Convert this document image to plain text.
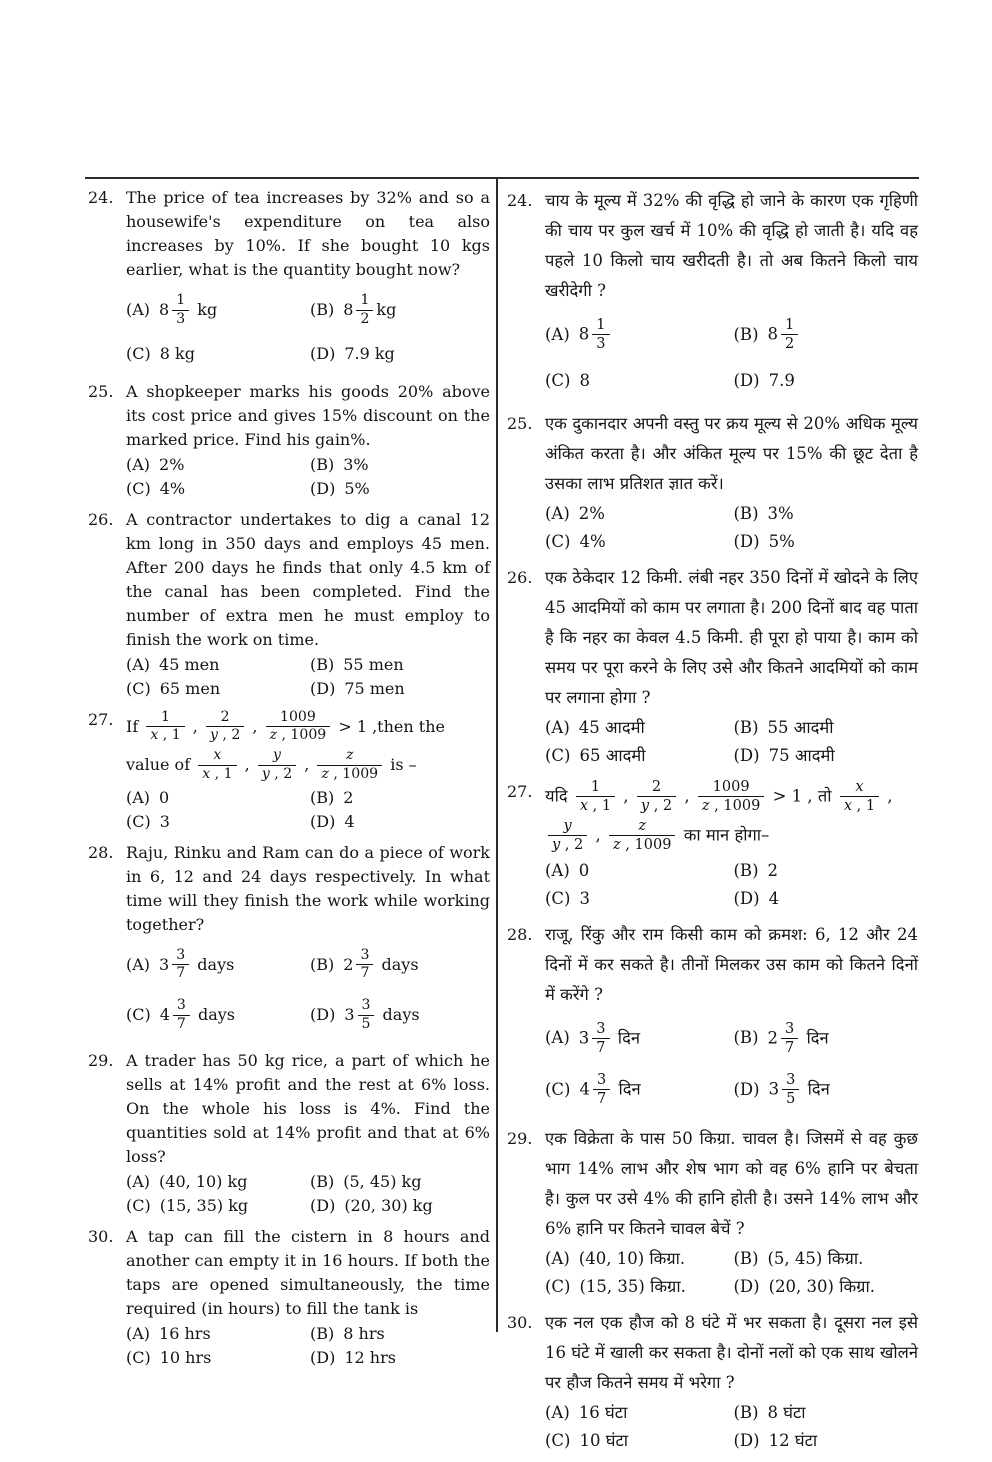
24. The price of tea increases by 32% and so a housewife's expenditure on tea also increases by 10%. If she bought 10 kgs earlier, what is the quantity bought now?
(A) $8 \frac{1}{3}$ kg	(B) $8 \frac{1}{2}$ kg
(C) 8 kg	(D) 7.9 kg
25. A shopkeeper marks his goods 20% above its cost price and gives 15% discount on the marked price. Find his gain%.
(A) 2%	(B) 3%
(C) 4%	(D) 5%
26. A contractor undertakes to dig a canal 12 km long in 350 days and employs 45 men. After 200 days he finds that only 4.5 km of the canal has been completed. Find the number of extra men he must employ to finish the work on time.
(A) 45 men	(B) 55 men
(C) 65 men	(D) 75 men
27. If $\frac{1}{x , 1}$ , $\frac{2}{y , 2}$ , $\frac{1009}{z , 1009} > 1$ ,then the value of $\frac{x}{x , 1}$ , $\frac{y}{y , 2}$ , $\frac{z}{z , 1009}$ is –
(A) 0	(B) 2
(C) 3	(D) 4
28. Raju, Rinku and Ram can do a piece of work in 6, 12 and 24 days respectively. In what time will they finish the work while working together?
(A) $3 \frac{3}{7}$ days	(B) $2 \frac{3}{7}$ days
(C) $4 \frac{3}{7}$ days	(D) $3 \frac{3}{5}$ days
29. A trader has 50 kg rice, a part of which he sells at 14% profit and the rest at 6% loss. On the whole his loss is 4%. Find the quantities sold at 14% profit and that at 6% loss?
(A) (40, 10) kg	(B) (5, 45) kg
(C) (15, 35) kg	(D) (20, 30) kg
30. A tap can fill the cistern in 8 hours and another can empty it in 16 hours. If both the taps are opened simultaneously, the time required (in hours) to fill the tank is
(A) 16 hrs	(B) 8 hrs
(C) 10 hrs	(D) 12 hrs
24. चाय के मूल्य में 32% की वृद्धि हो जाने के कारण एक गृहिणी की चाय पर कुल खर्च में 10% की वृद्धि हो जाती है। यदि वह पहले 10 किलो चाय खरीदती है। तो अब कितने किलो चाय खरीदेगी ?
(A) $8 \frac{1}{3}$	(B) $8 \frac{1}{2}$
(C) 8	(D) 7.9
25. एक दुकानदार अपनी वस्तु पर क्रय मूल्य से 20% अधिक मूल्य अंकित करता है। और अंकित मूल्य पर 15% की छूट देता है उसका लाभ प्रतिशत ज्ञात करें।
(A) 2%	(B) 3%
(C) 4%	(D) 5%
26. एक ठेकेदार 12 किमी. लंबी नहर 350 दिनों में खोदने के लिए 45 आदमियों को काम पर लगाता है। 200 दिनों बाद वह पाता है कि नहर का केवल 4.5 किमी. ही पूरा हो पाया है। काम को समय पर पूरा करने के लिए उसे और कितने आदमियों को काम पर लगाना होगा ?
(A) 45 आदमी	(B) 55 आदमी
(C) 65 आदमी	(D) 75 आदमी
27. यदि $\frac{1}{x , 1}$ , $\frac{2}{y , 2}$ , $\frac{1009}{z , 1009} > 1$ , तो $\frac{x}{x , 1}$ ,
$\frac{y}{y , 2}$ , $\frac{z}{z , 1009}$ का मान होगा–
(A) 0	(B) 2
(C) 3	(D) 4
28. राजू, रिंकु और राम किसी काम को क्रमश: 6, 12 और 24 दिनों में कर सकते है। तीनों मिलकर उस काम को कितने दिनों में करेंगे ?
(A) $3 \frac{3}{7}$ दिन	(B) $2 \frac{3}{7}$ दिन
(C) $4 \frac{3}{7}$ दिन	(D) $3 \frac{3}{5}$ दिन
29. एक विक्रेता के पास 50 किग्रा. चावल है। जिसमें से वह कुछ भाग 14% लाभ और शेष भाग को वह 6% हानि पर बेचता है। कुल पर उसे 4% की हानि होती है। उसने 14% लाभ और 6% हानि पर कितने चावल बेचें ?
(A) (40, 10) किग्रा.	(B) (5, 45) किग्रा.
(C) (15, 35) किग्रा.	(D) (20, 30) किग्रा.
30. एक नल एक हौज को 8 घंटे में भर सकता है। दूसरा नल इसे 16 घंटे में खाली कर सकता है। दोनों नलों को एक साथ खोलने पर हौज कितने समय में भरेगा ?
(A) 16 घंटा	(B) 8 घंटा
(C) 10 घंटा	(D) 12 घंटा
